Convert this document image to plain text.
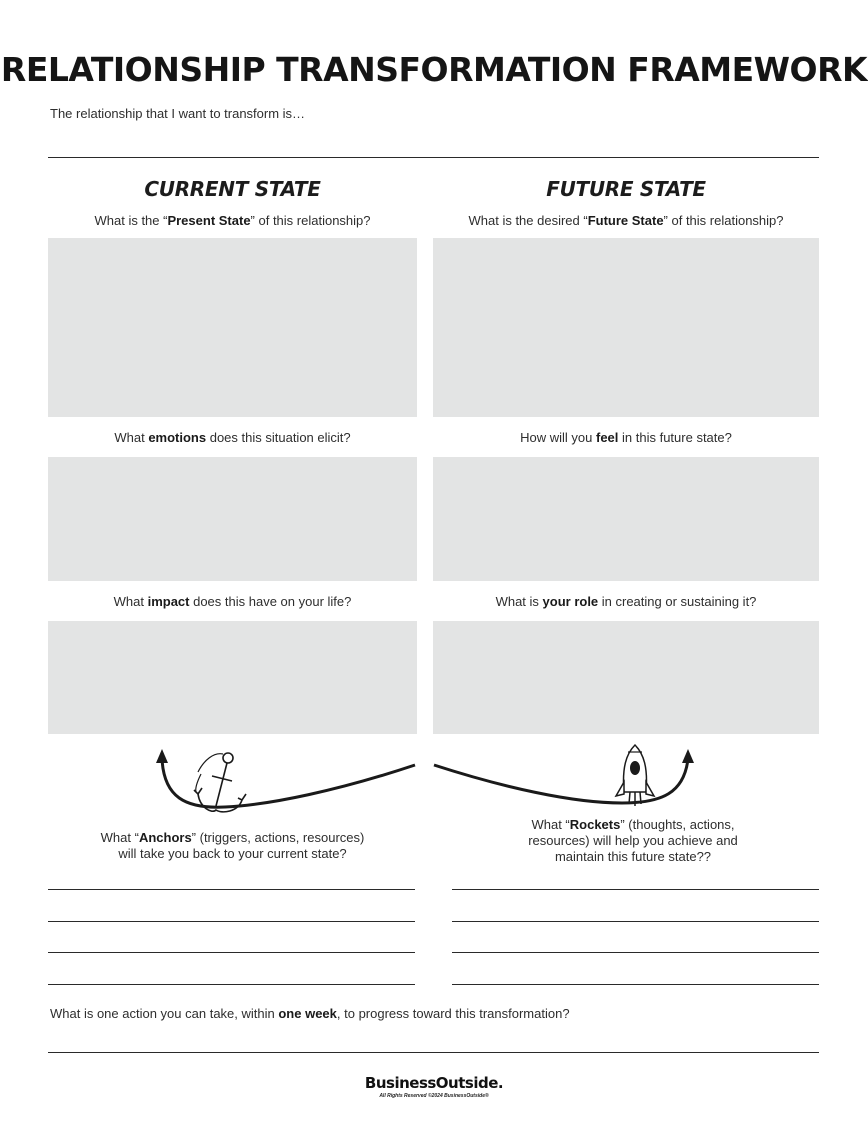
RELATIONSHIP TRANSFORMATION FRAMEWORK
The relationship that I want to transform is…
CURRENT STATE
What is the “Present State” of this relationship?
What emotions does this situation elicit?
What impact does this have on your life?
FUTURE STATE
What is the desired “Future State” of this relationship?
How will you feel in this future state?
What is your role in creating or sustaining it?
What “Anchors” (triggers, actions, resources)
will take you back to your current state?
What “Rockets” (thoughts, actions,
resources) will help you achieve and
maintain this future state??
What is one action you can take, within one week, to progress toward this transformation?
BusinessOutside.
All Rights Reserved ©2024 BusinessOutside®
